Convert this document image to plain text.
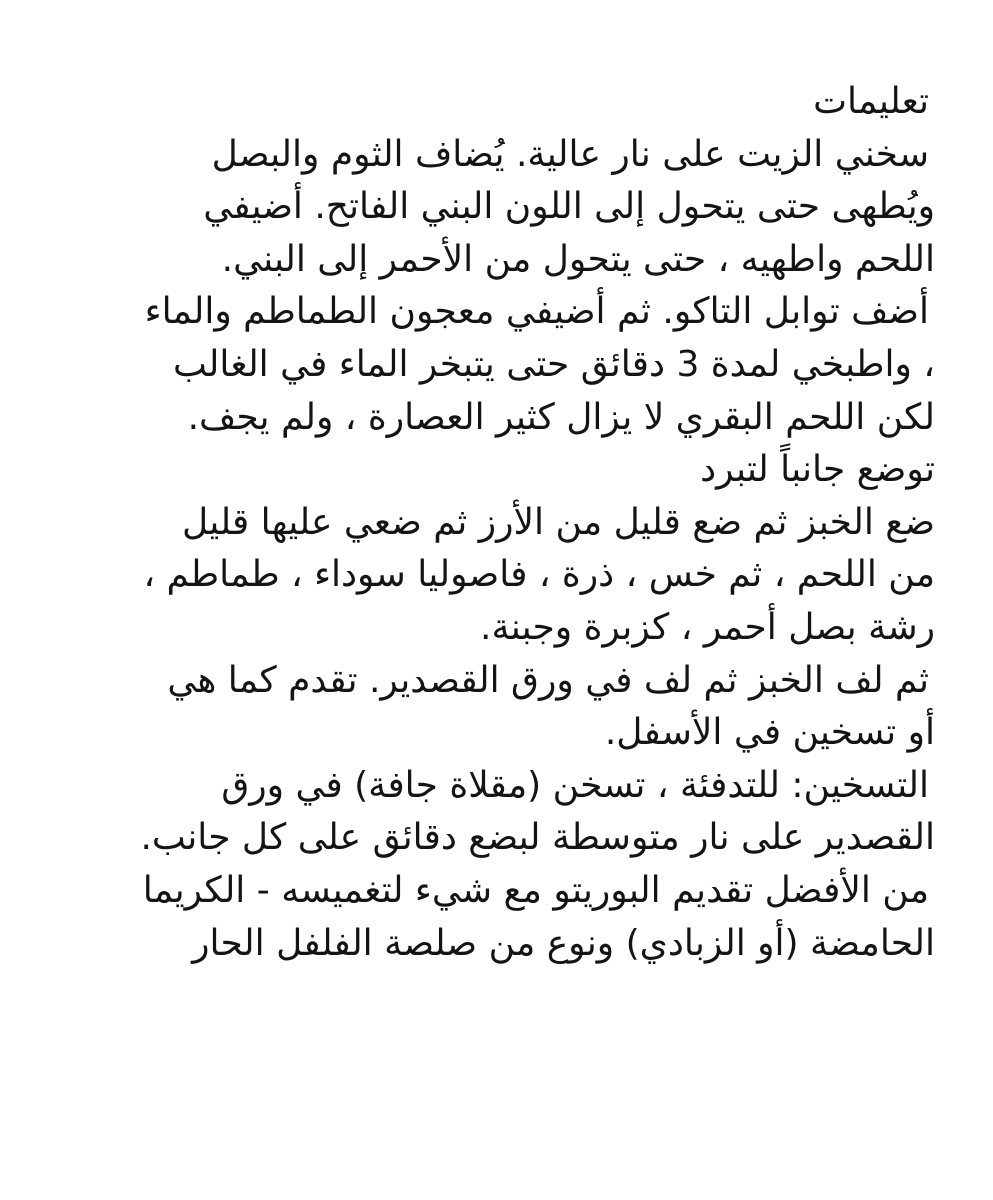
تعليمات
سخني الزيت على نار عالية. يُضاف الثوم والبصل
ويُطهى حتى يتحول إلى اللون البني الفاتح. أضيفي
اللحم واطهيه ، حتى يتحول من الأحمر إلى البني.
أضف توابل التاكو. ثم أضيفي معجون الطماطم والماء
، واطبخي لمدة 3 دقائق حتى يتبخر الماء في الغالب
لكن اللحم البقري لا يزال كثير العصارة ، ولم يجف.
توضع جانباً لتبرد
ضع الخبز ثم ضع قليل من الأرز ثم ضعي عليها قليل
من اللحم ، ثم خس ، ذرة ، فاصوليا سوداء ، طماطم ،
رشة بصل أحمر ، كزبرة وجبنة.
ثم لف الخبز ثم لف في ورق القصدير. تقدم كما هي
أو تسخين في الأسفل.
التسخين: للتدفئة ، تسخن (مقلاة جافة) في ورق
القصدير على نار متوسطة لبضع دقائق على كل جانب.
من الأفضل تقديم البوريتو مع شيء لتغميسه - الكريما
الحامضة (أو الزبادي) ونوع من صلصة الفلفل الحار
